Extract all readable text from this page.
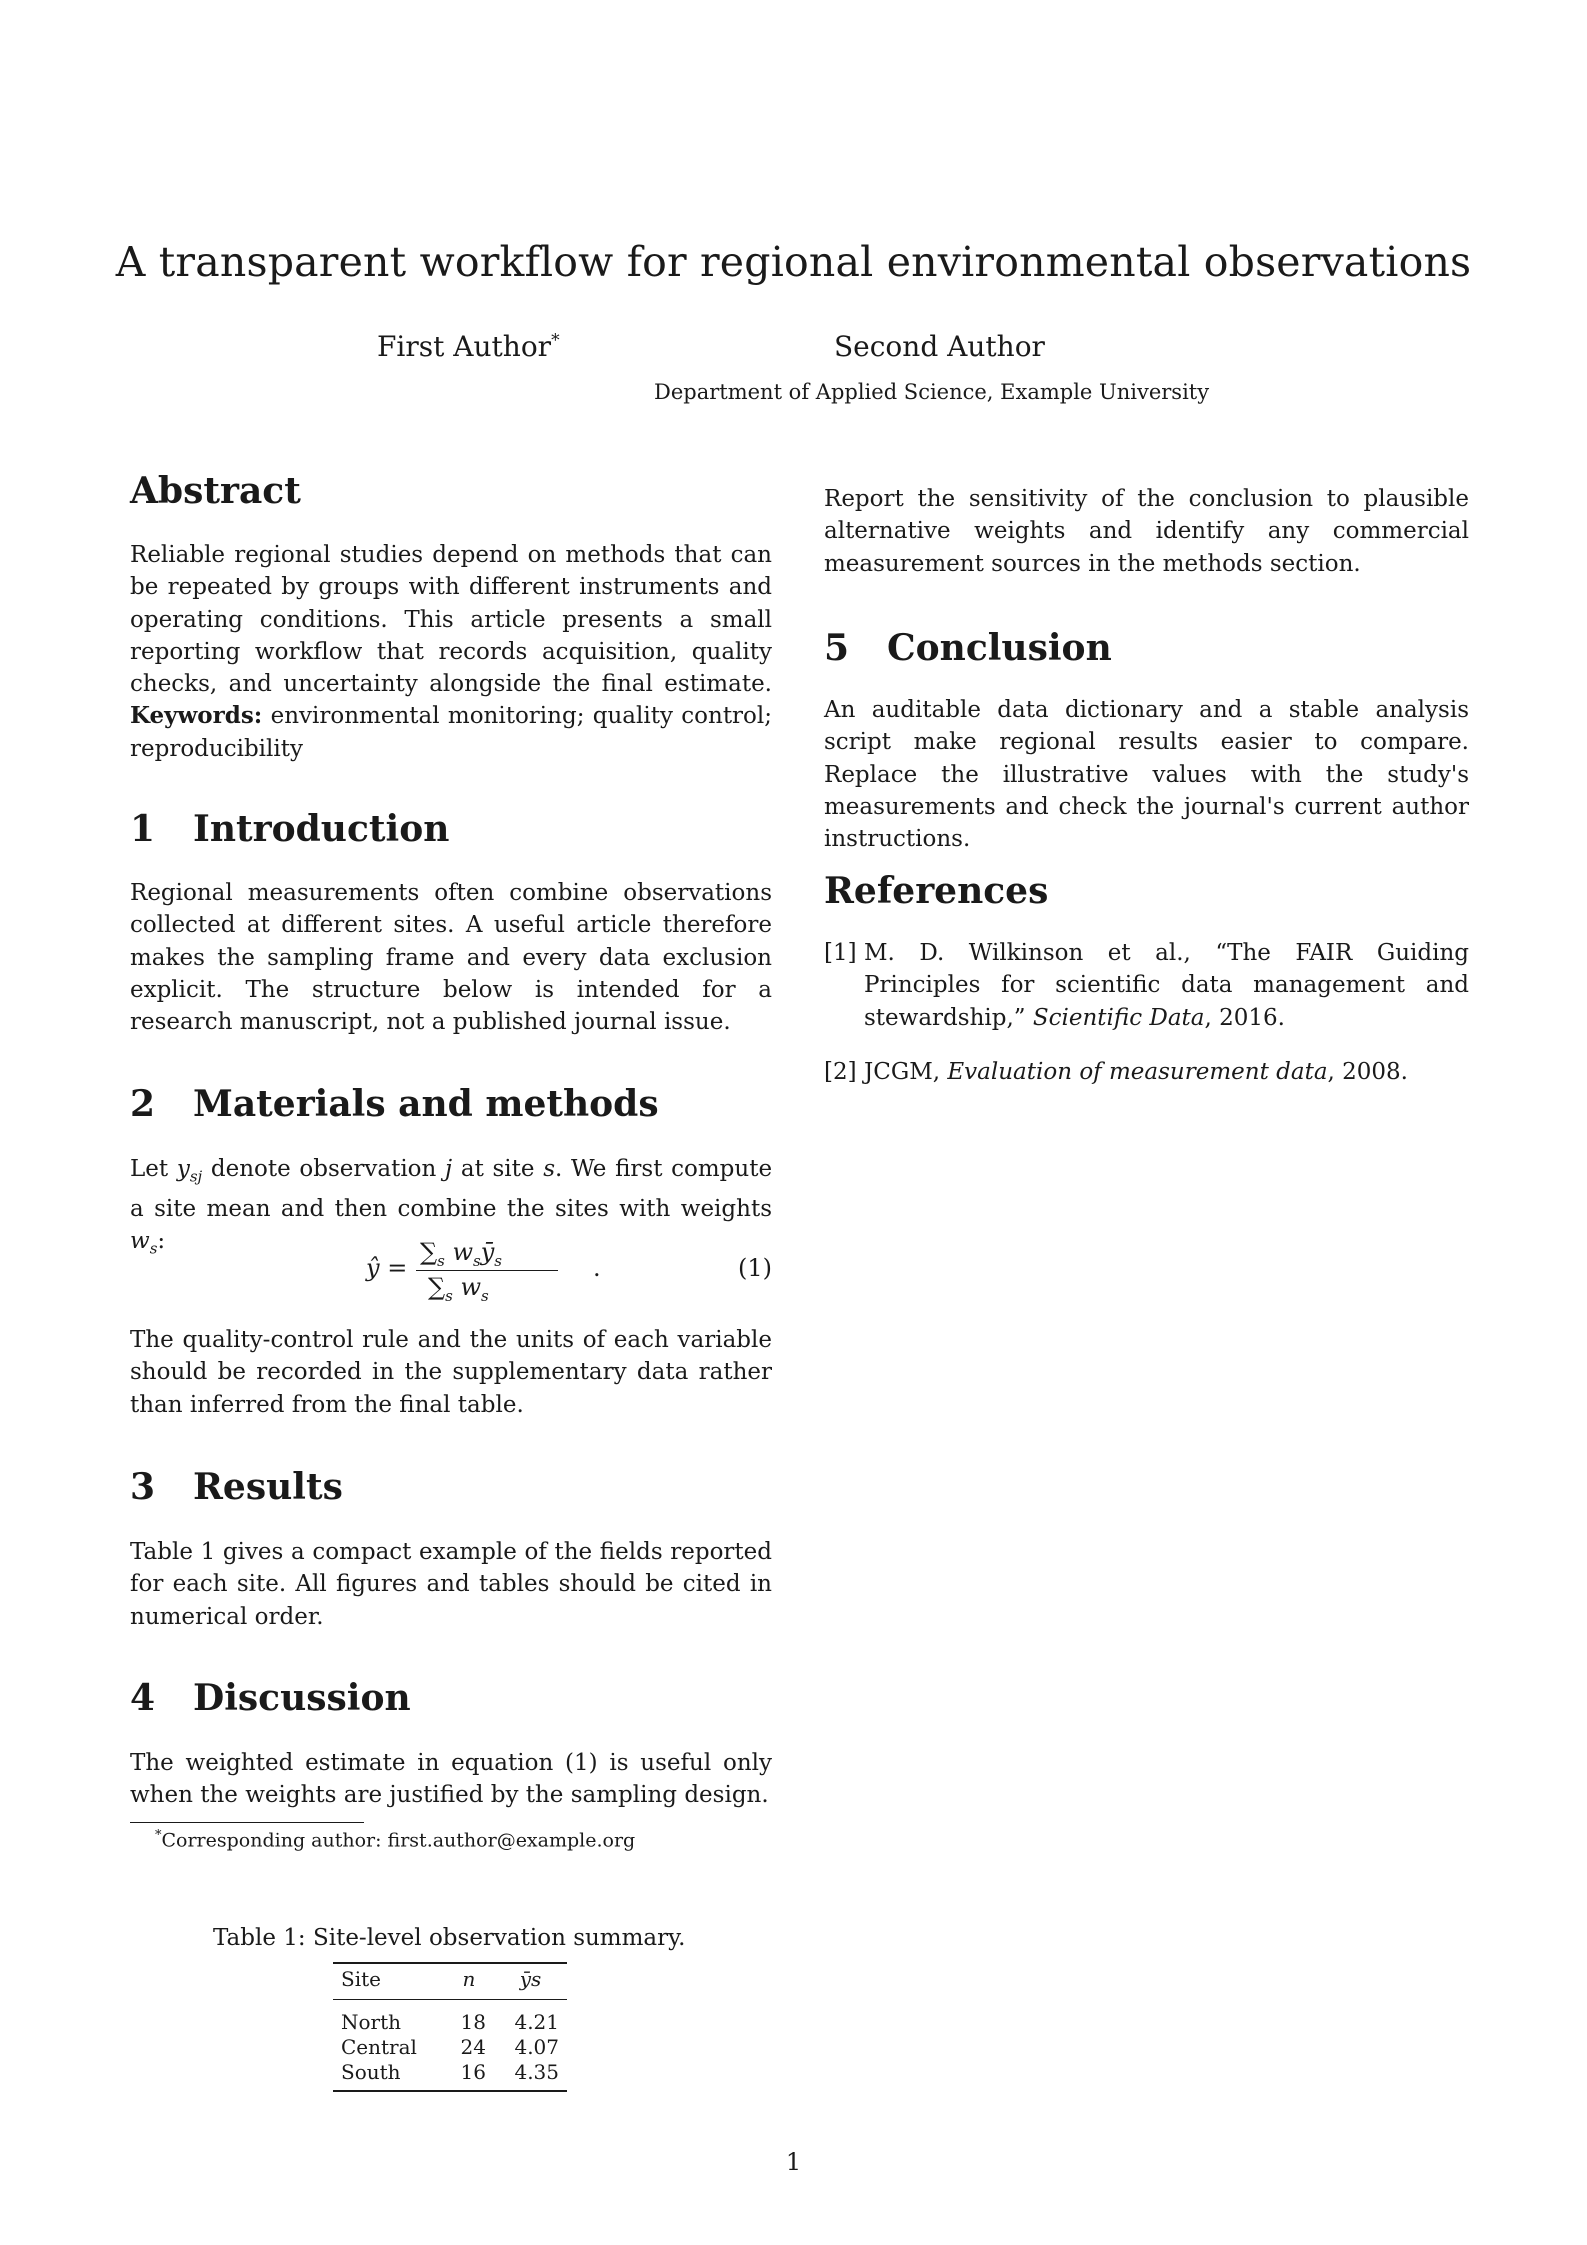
A transparent workflow for regional environmental observations
First Author*	Second Author
Department of Applied Science, Example University
Abstract

Reliable regional studies depend on methods that can be repeated by groups with different instruments and operating conditions. This article presents a small reporting workflow that records acquisition, quality checks, and uncertainty alongside the final estimate. Keywords: environmental monitoring; quality control; reproducibility

1 Introduction

Regional measurements often combine observations collected at different sites. A useful article therefore makes the sampling frame and every data exclusion explicit. The structure below is intended for a research manuscript, not a published journal issue.

2 Materials and methods

Let $y_{sj}$ denote observation j at site s. We first compute a site mean and then combine the sites with weights $w_s$:

ŷ =
$\sum_s$ $w_sȳ_s$
$\sum_s$ $w_s$
.	(1)

The quality-control rule and the units of each variable should be recorded in the supplementary data rather than inferred from the final table.

3 Results

Table 1 gives a compact example of the fields reported for each site. All figures and tables should be cited in numerical order.

4 Discussion

The weighted estimate in equation (1) is useful only when the weights are justified by the sampling design.

*Corresponding author: first.author@example.org
Table 1: Site-level observation summary.
Site	n	ȳs
North	18	4.21
Central	24	4.07
South	16	4.35

Report the sensitivity of the conclusion to plausible alternative weights and identify any commercial measurement sources in the methods section.

5 Conclusion

An auditable data dictionary and a stable analysis script make regional results easier to compare. Replace the illustrative values with the study's measurements and check the journal's current author instructions.

References
[1] M. D. Wilkinson et al., “The FAIR Guiding Principles for scientific data management and stewardship,” Scientific Data, 2016.
[2] JCGM, Evaluation of measurement data, 2008.
1
